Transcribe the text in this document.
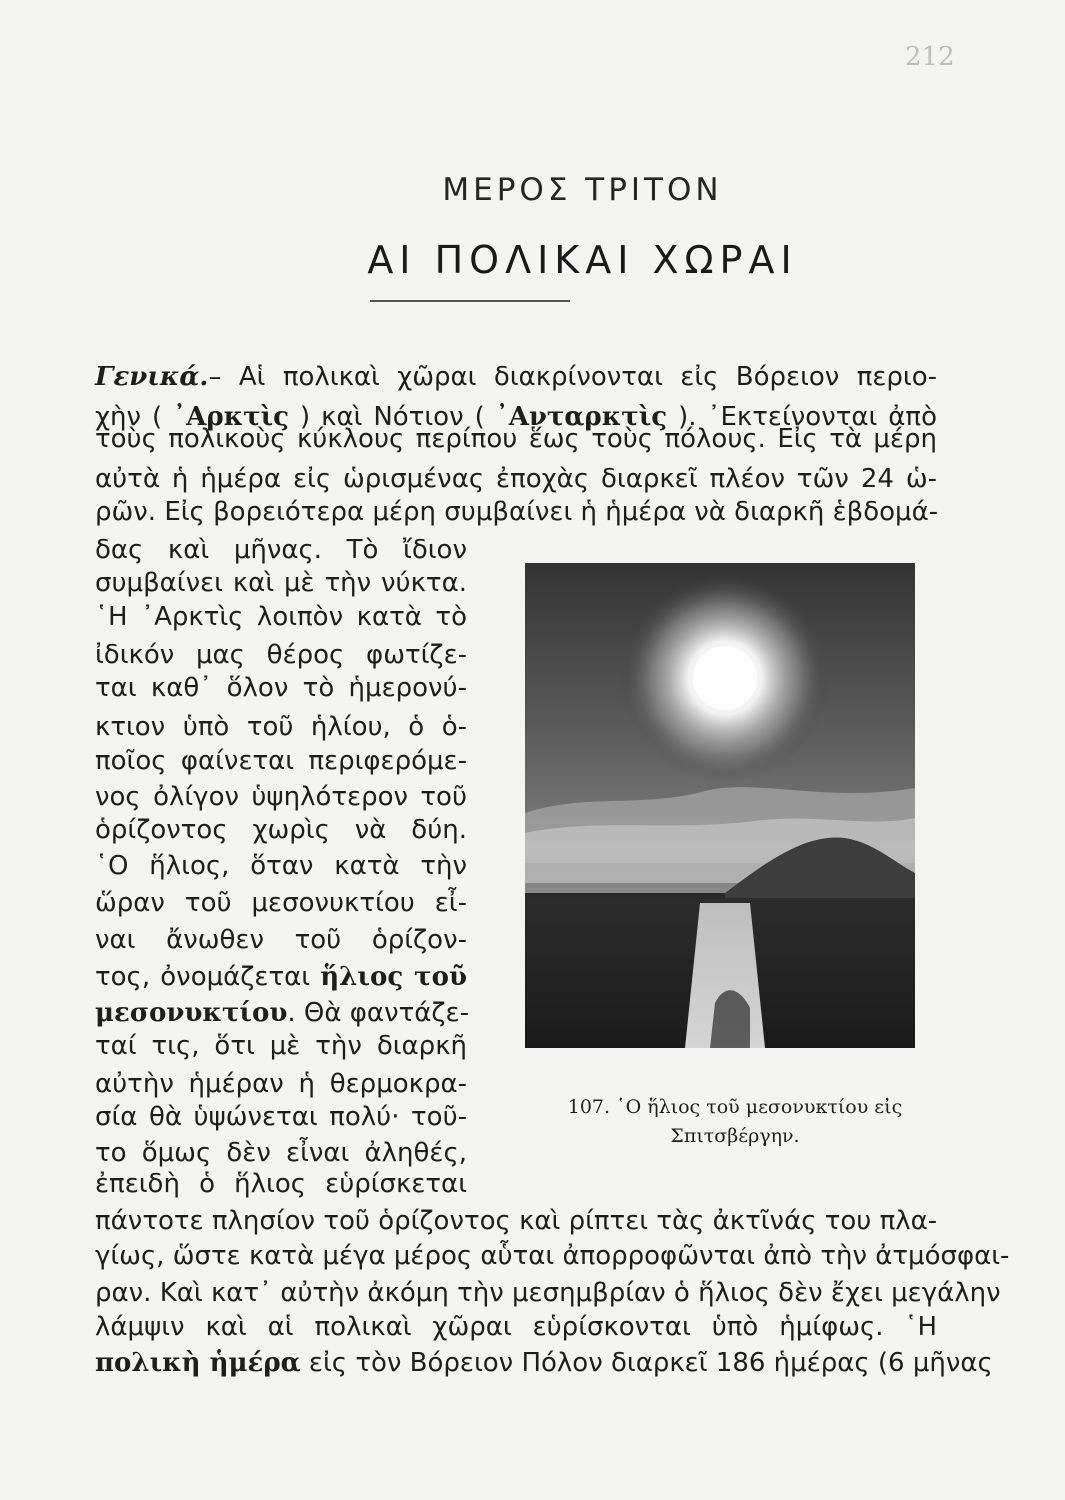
212
ΜΕΡΟΣ ΤΡΙΤΟΝ
ΑΙ ΠΟΛΙΚΑΙ ΧΩΡΑΙ
Γενικά.– Αἱ πολικαὶ χῶραι διακρίνονται εἰς Βόρειον περιο-
χὴν ( ᾿Αρκτὶς ) καὶ Νότιον ( ᾿Ανταρκτὶς ). ᾿Εκτείνονται ἀπὸ
τοὺς πολικοὺς κύκλους περίπου ἕως τοὺς πόλους. Εἰς τὰ μέρη
αὐτὰ ἡ ἡμέρα εἰς ὡρισμένας ἐποχὰς διαρκεῖ πλέον τῶν 24 ὡ-
ρῶν. Εἰς βορειότερα μέρη συμβαίνει ἡ ἡμέρα νὰ διαρκῆ ἑβδομά-
δας καὶ μῆνας. Τὸ ἴδιον
συμβαίνει καὶ μὲ τὴν νύκτα.
῾Η ᾿Αρκτὶς λοιπὸν κατὰ τὸ
ἰδικόν μας θέρος φωτίζε-
ται καθ᾿ ὅλον τὸ ἡμερονύ-
κτιον ὑπὸ τοῦ ἡλίου, ὁ ὁ-
ποῖος φαίνεται περιφερόμε-
νος ὀλίγον ὑψηλότερον τοῦ
ὁρίζοντος χωρὶς νὰ δύη.
῾Ο ἥλιος, ὅταν κατὰ τὴν
ὥραν τοῦ μεσονυκτίου εἶ-
ναι ἄνωθεν τοῦ ὁρίζον-
τος, ὀνομάζεται ἥλιος τοῦ
μεσονυκτίου. Θὰ φαντάζε-
ταί τις, ὅτι μὲ τὴν διαρκῆ
αὐτὴν ἡμέραν ἡ θερμοκρα-
σία θὰ ὑψώνεται πολύ· τοῦ-
το ὅμως δὲν εἶναι ἀληθές,
ἐπειδὴ ὁ ἥλιος εὑρίσκεται
πάντοτε πλησίον τοῦ ὁρίζοντος καὶ ρίπτει τὰς ἀκτῖνάς του πλα-
γίως, ὥστε κατὰ μέγα μέρος αὗται ἀπορροφῶνται ἀπὸ τὴν ἀτμόσφαι-
ραν. Καὶ κατ᾿ αὐτὴν ἀκόμη τὴν μεσημβρίαν ὁ ἥλιος δὲν ἔχει μεγάλην
λάμψιν καὶ αἱ πολικαὶ χῶραι εὑρίσκονται ὑπὸ ἡμίφως. ῾Η
πολικὴ ἡμέρα εἰς τὸν Βόρειον Πόλον διαρκεῖ 186 ἡμέρας (6 μῆνας
107. ῾Ο ἥλιος τοῦ μεσονυκτίου εἰς
Σπιτσβέργην.
